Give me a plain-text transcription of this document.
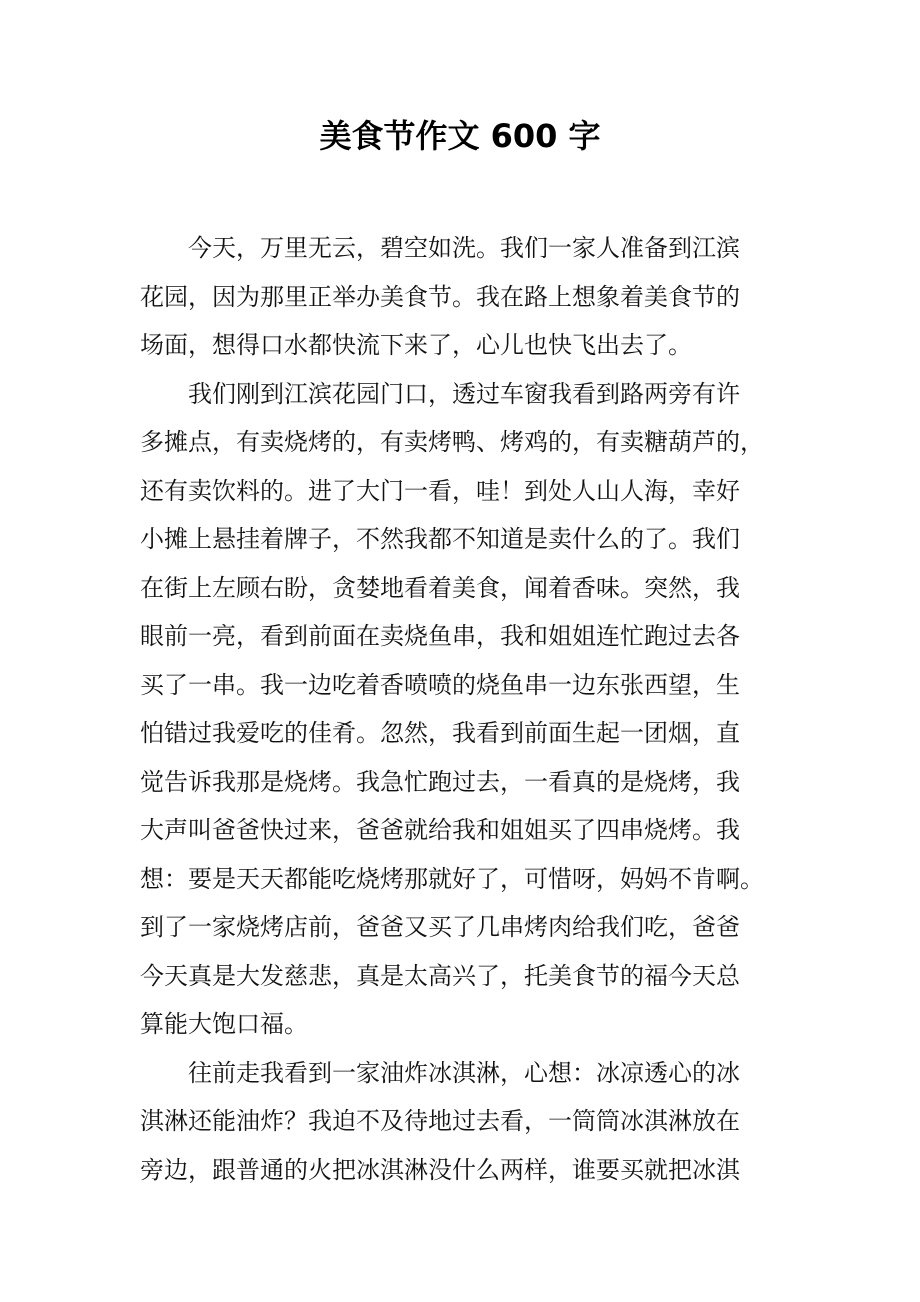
美食节作文 600 字
今天，万里无云，碧空如洗。我们一家人准备到江滨
花园，因为那里正举办美食节。我在路上想象着美食节的
场面，想得口水都快流下来了，心儿也快飞出去了。
我们刚到江滨花园门口，透过车窗我看到路两旁有许
多摊点，有卖烧烤的，有卖烤鸭、烤鸡的，有卖糖葫芦的，
还有卖饮料的。进了大门一看，哇！到处人山人海，幸好
小摊上悬挂着牌子，不然我都不知道是卖什么的了。我们
在街上左顾右盼，贪婪地看着美食，闻着香味。突然，我
眼前一亮，看到前面在卖烧鱼串，我和姐姐连忙跑过去各
买了一串。我一边吃着香喷喷的烧鱼串一边东张西望，生
怕错过我爱吃的佳肴。忽然，我看到前面生起一团烟，直
觉告诉我那是烧烤。我急忙跑过去，一看真的是烧烤，我
大声叫爸爸快过来，爸爸就给我和姐姐买了四串烧烤。我
想：要是天天都能吃烧烤那就好了，可惜呀，妈妈不肯啊。
到了一家烧烤店前，爸爸又买了几串烤肉给我们吃，爸爸
今天真是大发慈悲，真是太高兴了，托美食节的福今天总
算能大饱口福。
往前走我看到一家油炸冰淇淋，心想：冰凉透心的冰
淇淋还能油炸？我迫不及待地过去看，一筒筒冰淇淋放在
旁边，跟普通的火把冰淇淋没什么两样，谁要买就把冰淇
